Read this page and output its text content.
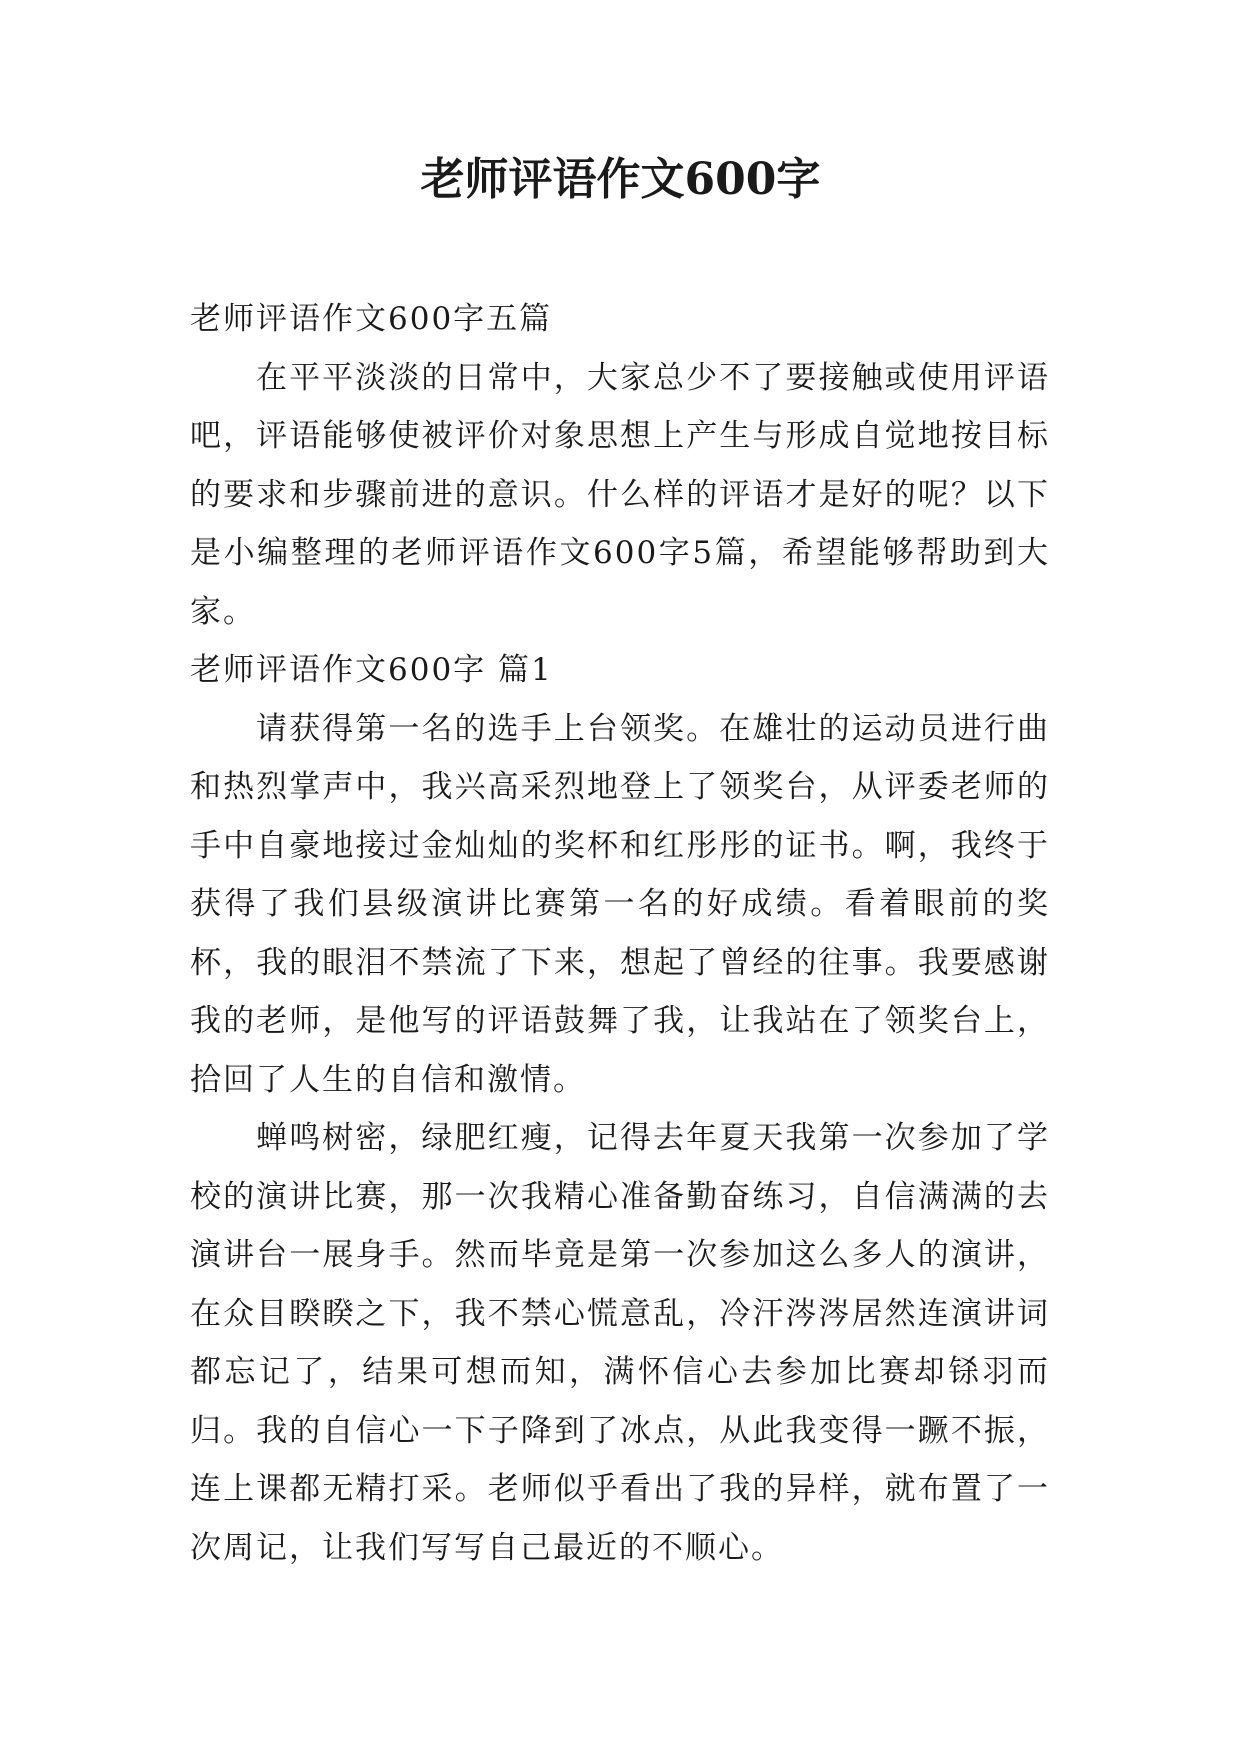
老师评语作文600字

老师评语作文600字五篇

在平平淡淡的日常中，大家总少不了要接触或使用评语吧，评语能够使被评价对象思想上产生与形成自觉地按目标的要求和步骤前进的意识。什么样的评语才是好的呢？以下是小编整理的老师评语作文600字5篇，希望能够帮助到大家。

老师评语作文600字 篇1

请获得第一名的选手上台领奖。在雄壮的运动员进行曲和热烈掌声中，我兴高采烈地登上了领奖台，从评委老师的手中自豪地接过金灿灿的奖杯和红彤彤的证书。啊，我终于获得了我们县级演讲比赛第一名的好成绩。看着眼前的奖杯，我的眼泪不禁流了下来，想起了曾经的往事。我要感谢我的老师，是他写的评语鼓舞了我，让我站在了领奖台上，拾回了人生的自信和激情。

蝉鸣树密，绿肥红瘦，记得去年夏天我第一次参加了学校的演讲比赛，那一次我精心准备勤奋练习，自信满满的去演讲台一展身手。然而毕竟是第一次参加这么多人的演讲，在众目睽睽之下，我不禁心慌意乱，冷汗涔涔居然连演讲词都忘记了，结果可想而知，满怀信心去参加比赛却铩羽而归。我的自信心一下子降到了冰点，从此我变得一蹶不振，连上课都无精打采。老师似乎看出了我的异样，就布置了一次周记，让我们写写自己最近的不顺心。
